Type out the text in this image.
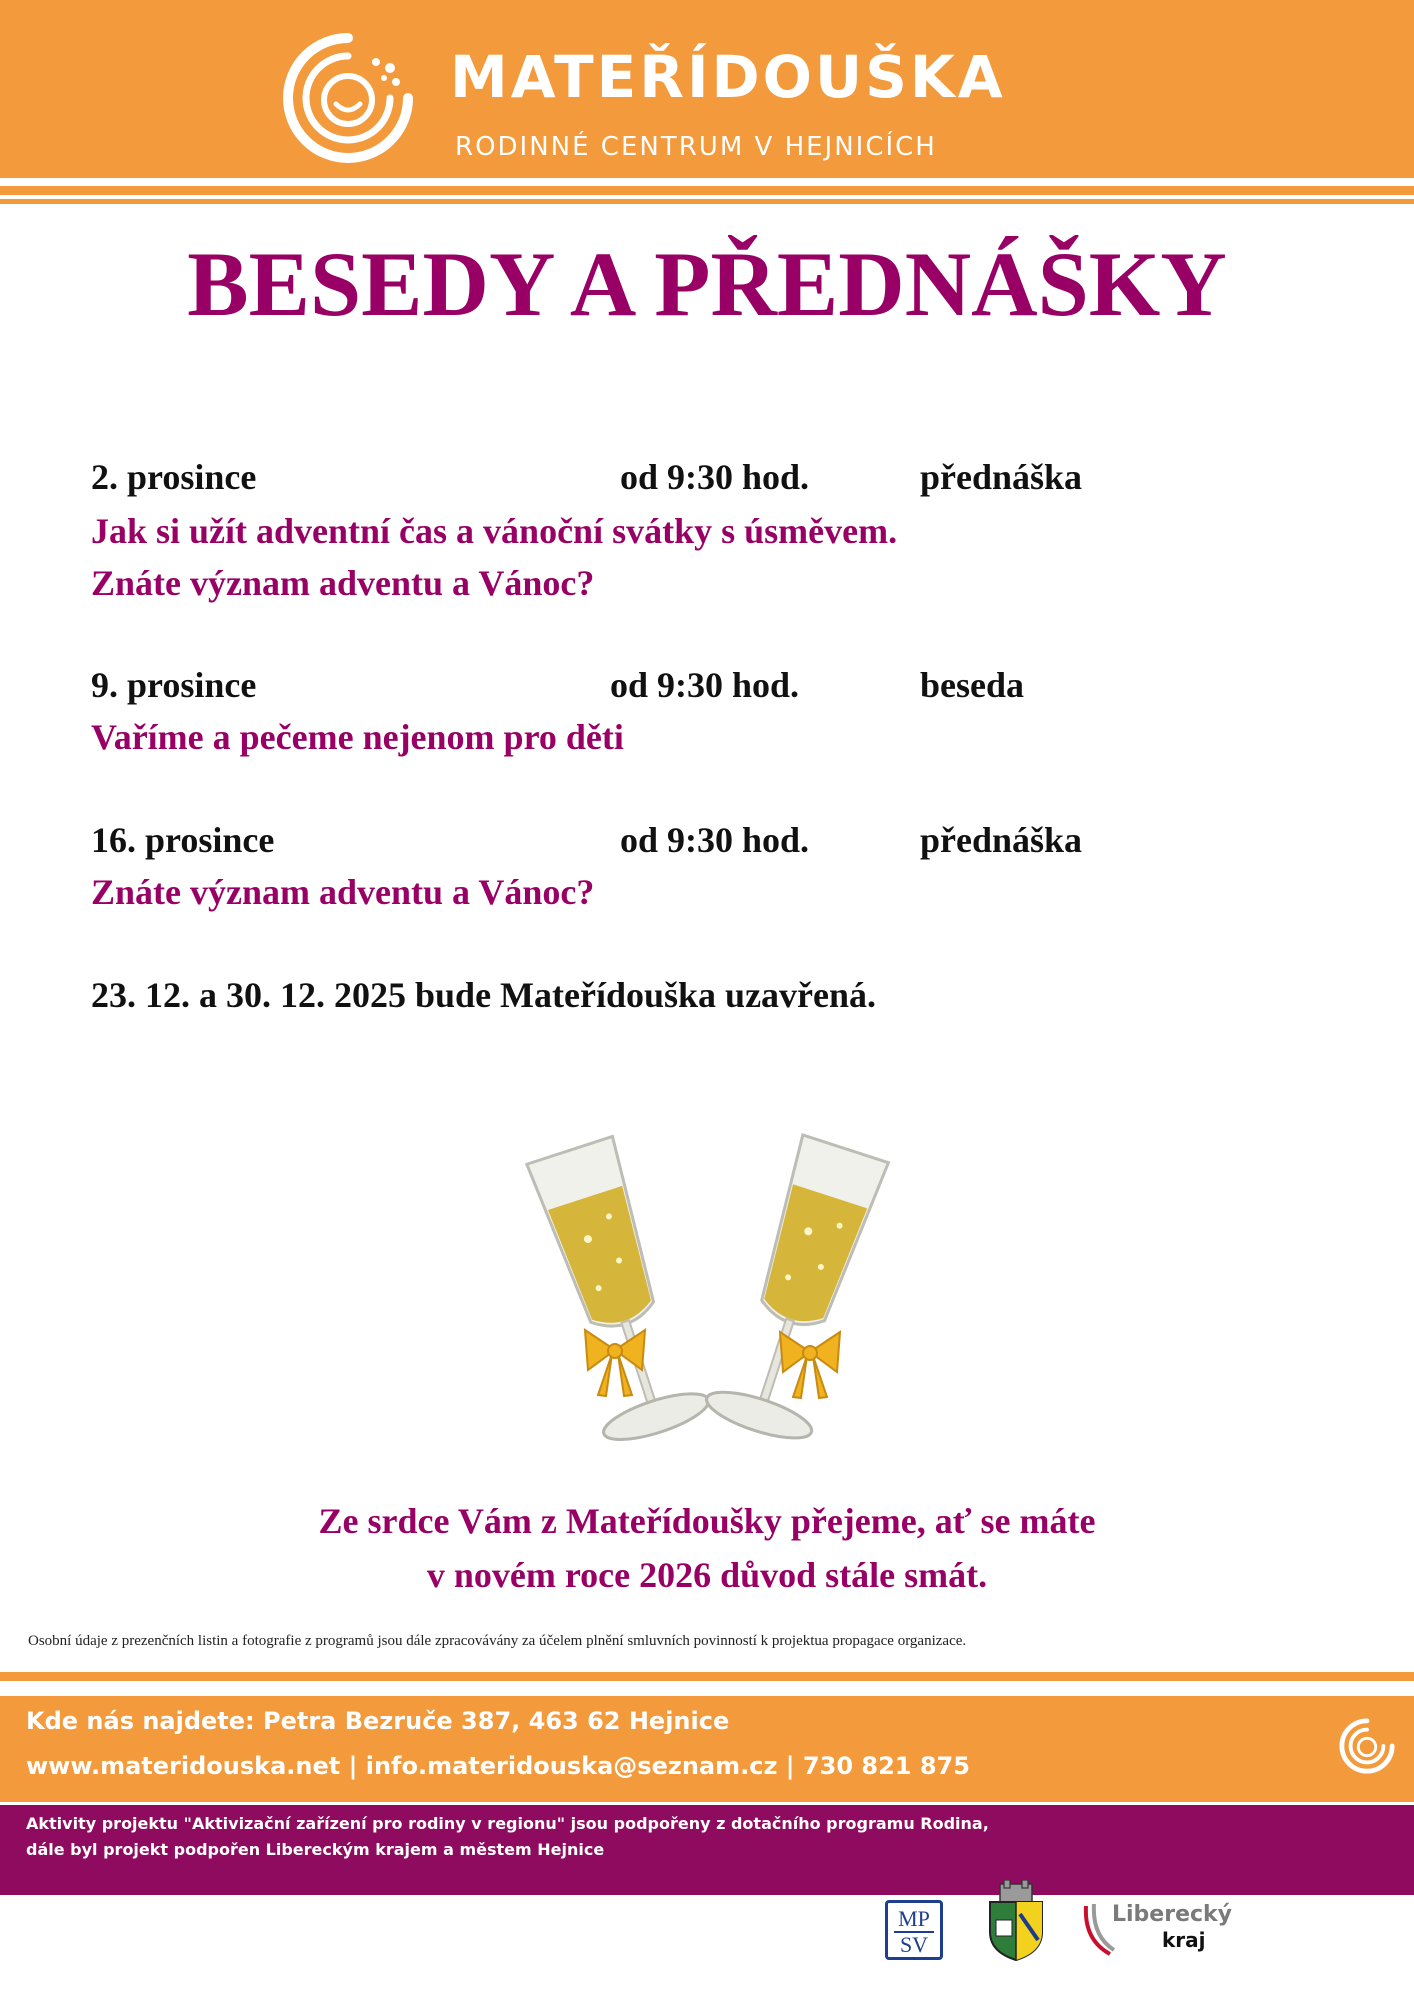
MATEŘÍDOUŠKA
RODINNÉ CENTRUM V HEJNICÍCH
BESEDY A PŘEDNÁŠKY
2. prosince	od 9:30 hod.	přednáška
Jak si užít adventní čas a vánoční svátky s úsměvem.
Znáte význam adventu a Vánoc?
9. prosince	od 9:30 hod.	beseda
Vaříme a pečeme nejenom pro děti
16. prosince	od 9:30 hod.	přednáška
Znáte význam adventu a Vánoc?
23. 12. a 30. 12. 2025 bude Mateřídouška uzavřená.
Ze srdce Vám z Mateřídoušky přejeme, ať se máte
v novém roce 2026 důvod stále smát.
Osobní údaje z prezenčních listin a fotografie z programů jsou dále zpracovávány za účelem plnění smluvních povinností k projektua propagace organizace.
Kde nás najdete: Petra Bezruče 387, 463 62 Hejnice
www.materidouska.net | info.materidouska@seznam.cz | 730 821 875
Aktivity projektu "Aktivizační zařízení pro rodiny v regionu" jsou podpořeny z dotačního programu Rodina,
dále byl projekt podpořen Libereckým krajem a městem Hejnice
MP
SV
Liberecký
kraj
